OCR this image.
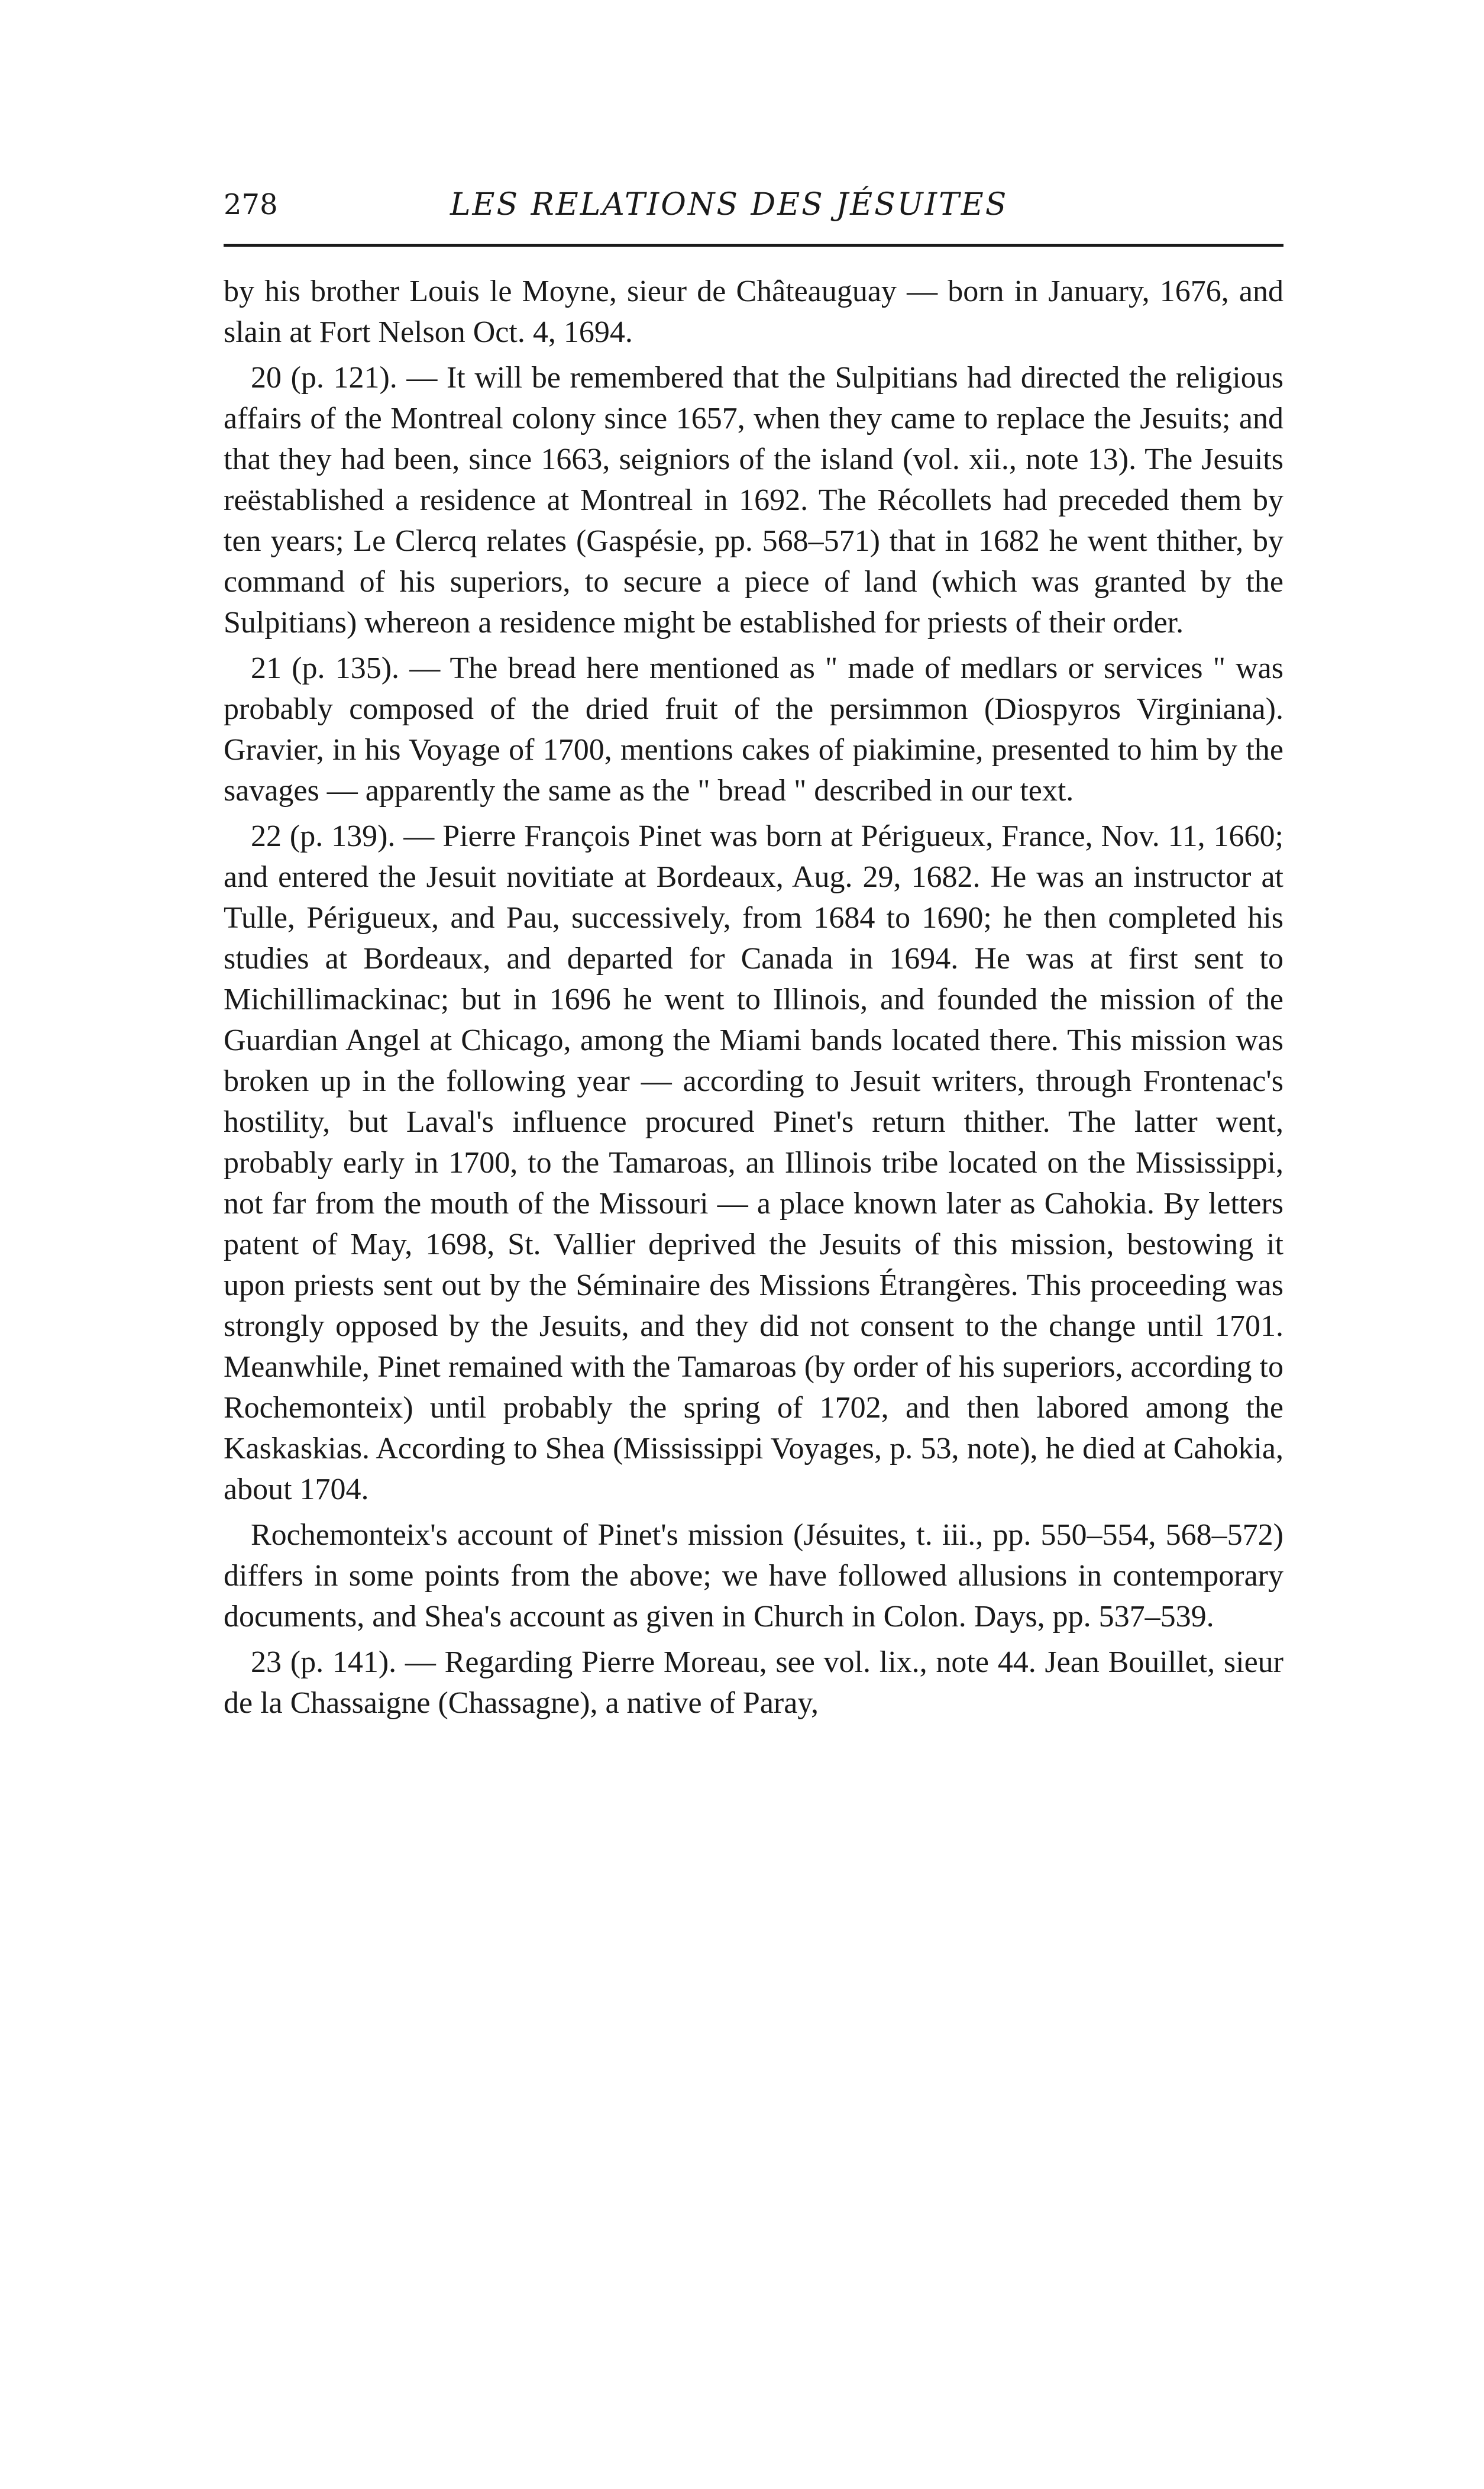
278	LES RELATIONS DES JÉSUITES

by his brother Louis le Moyne, sieur de Châteauguay — born in January, 1676, and slain at Fort Nelson Oct. 4, 1694.

20 (p. 121). — It will be remembered that the Sulpitians had directed the religious affairs of the Montreal colony since 1657, when they came to replace the Jesuits; and that they had been, since 1663, seigniors of the island (vol. xii., note 13). The Jesuits reëstablished a residence at Montreal in 1692. The Récollets had preceded them by ten years; Le Clercq relates (Gaspésie, pp. 568–571) that in 1682 he went thither, by command of his superiors, to secure a piece of land (which was granted by the Sulpitians) whereon a residence might be established for priests of their order.

21 (p. 135). — The bread here mentioned as " made of medlars or services " was probably composed of the dried fruit of the persimmon (Diospyros Virginiana). Gravier, in his Voyage of 1700, mentions cakes of piakimine, presented to him by the savages — apparently the same as the " bread " described in our text.

22 (p. 139). — Pierre François Pinet was born at Périgueux, France, Nov. 11, 1660; and entered the Jesuit novitiate at Bordeaux, Aug. 29, 1682. He was an instructor at Tulle, Périgueux, and Pau, successively, from 1684 to 1690; he then completed his studies at Bordeaux, and departed for Canada in 1694. He was at first sent to Michillimackinac; but in 1696 he went to Illinois, and founded the mission of the Guardian Angel at Chicago, among the Miami bands located there. This mission was broken up in the following year — according to Jesuit writers, through Frontenac's hostility, but Laval's influence procured Pinet's return thither. The latter went, probably early in 1700, to the Tamaroas, an Illinois tribe located on the Mississippi, not far from the mouth of the Missouri — a place known later as Cahokia. By letters patent of May, 1698, St. Vallier deprived the Jesuits of this mission, bestowing it upon priests sent out by the Séminaire des Missions Étrangères. This proceeding was strongly opposed by the Jesuits, and they did not consent to the change until 1701. Meanwhile, Pinet remained with the Tamaroas (by order of his superiors, according to Rochemonteix) until probably the spring of 1702, and then labored among the Kaskaskias. According to Shea (Mississippi Voyages, p. 53, note), he died at Cahokia, about 1704.

Rochemonteix's account of Pinet's mission (Jésuites, t. iii., pp. 550–554, 568–572) differs in some points from the above; we have followed allusions in contemporary documents, and Shea's account as given in Church in Colon. Days, pp. 537–539.

23 (p. 141). — Regarding Pierre Moreau, see vol. lix., note 44. Jean Bouillet, sieur de la Chassaigne (Chassagne), a native of Paray,
